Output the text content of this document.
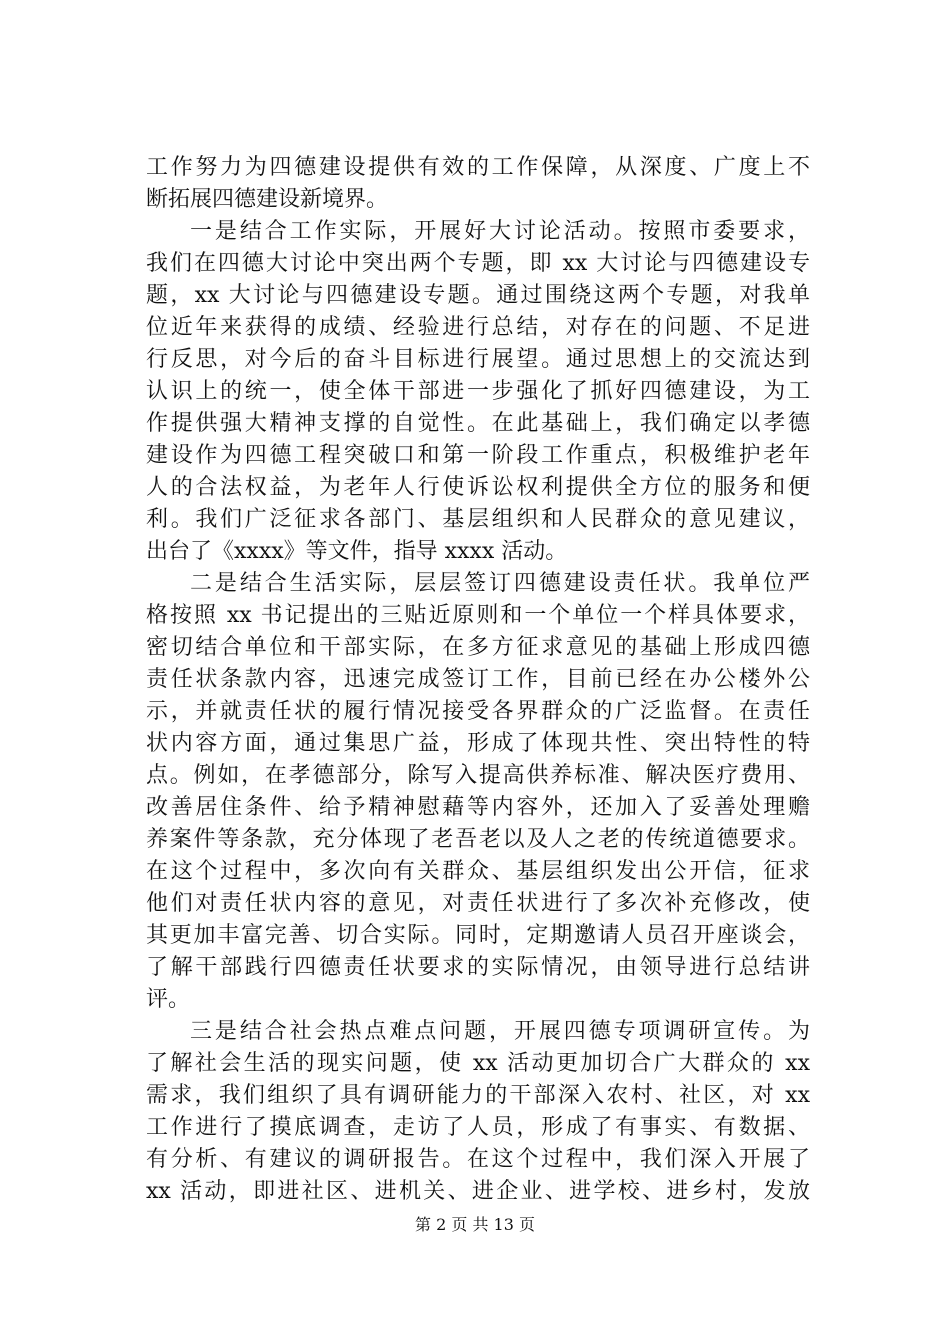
工作努力为四德建设提供有效的工作保障，从深度、广度上不
断拓展四德建设新境界。
一是结合工作实际，开展好大讨论活动。按照市委要求，
我们在四德大讨论中突出两个专题，即 xx 大讨论与四德建设专
题，xx 大讨论与四德建设专题。通过围绕这两个专题，对我单
位近年来获得的成绩、经验进行总结，对存在的问题、不足进
行反思，对今后的奋斗目标进行展望。通过思想上的交流达到
认识上的统一，使全体干部进一步强化了抓好四德建设，为工
作提供强大精神支撑的自觉性。在此基础上，我们确定以孝德
建设作为四德工程突破口和第一阶段工作重点，积极维护老年
人的合法权益，为老年人行使诉讼权利提供全方位的服务和便
利。我们广泛征求各部门、基层组织和人民群众的意见建议，
出台了《xxxx》等文件，指导 xxxx 活动。
二是结合生活实际，层层签订四德建设责任状。我单位严
格按照 xx 书记提出的三贴近原则和一个单位一个样具体要求，
密切结合单位和干部实际，在多方征求意见的基础上形成四德
责任状条款内容，迅速完成签订工作，目前已经在办公楼外公
示，并就责任状的履行情况接受各界群众的广泛监督。在责任
状内容方面，通过集思广益，形成了体现共性、突出特性的特
点。例如，在孝德部分，除写入提高供养标准、解决医疗费用、
改善居住条件、给予精神慰藉等内容外，还加入了妥善处理赡
养案件等条款，充分体现了老吾老以及人之老的传统道德要求。
在这个过程中，多次向有关群众、基层组织发出公开信，征求
他们对责任状内容的意见，对责任状进行了多次补充修改，使
其更加丰富完善、切合实际。同时，定期邀请人员召开座谈会，
了解干部践行四德责任状要求的实际情况，由领导进行总结讲
评。
三是结合社会热点难点问题，开展四德专项调研宣传。为
了解社会生活的现实问题，使 xx 活动更加切合广大群众的 xx
需求，我们组织了具有调研能力的干部深入农村、社区，对 xx
工作进行了摸底调查，走访了人员，形成了有事实、有数据、
有分析、有建议的调研报告。在这个过程中，我们深入开展了
xx 活动，即进社区、进机关、进企业、进学校、进乡村，发放
第 2 页 共 13 页
